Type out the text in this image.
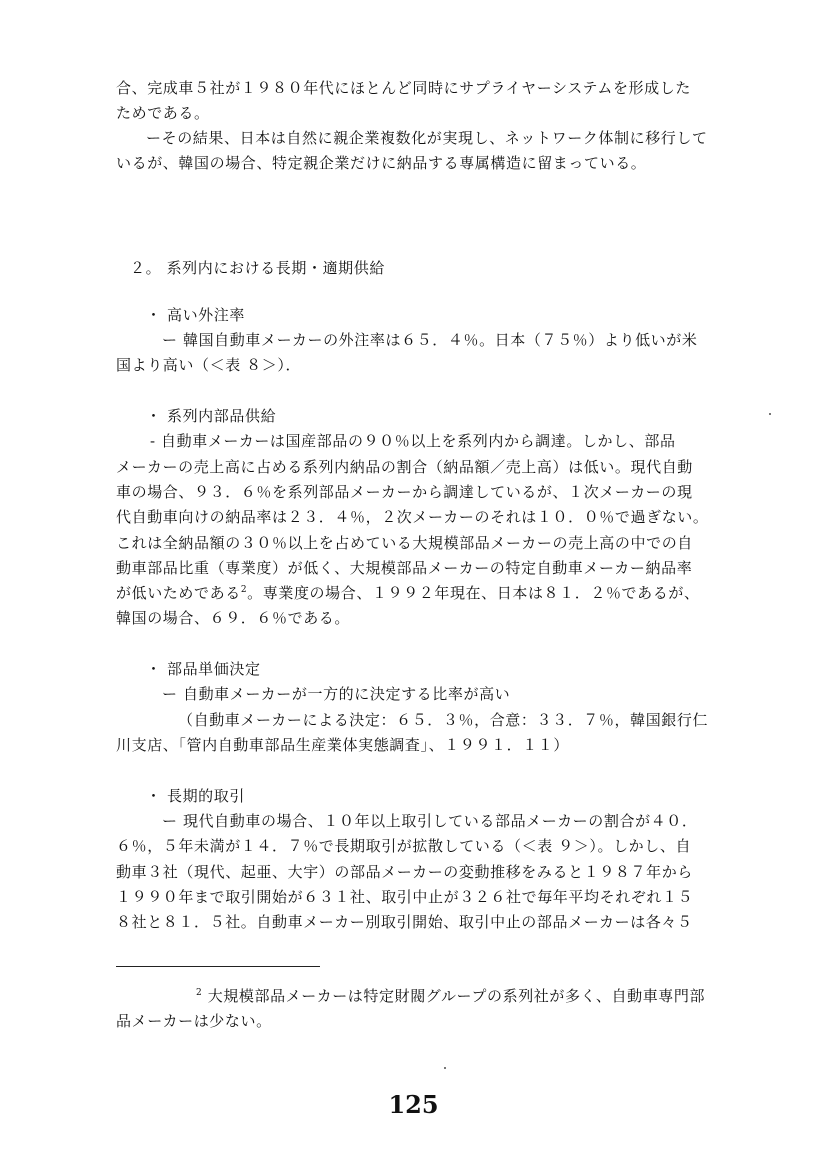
合、完成車５社が１９８０年代にほとんど同時にサプライヤーシステムを形成した
ためである。
ーその結果、日本は自然に親企業複数化が実現し、ネットワーク体制に移行して
いるが、韓国の場合、特定親企業だけに納品する専属構造に留まっている。
２。 系列内における長期・適期供給
・ 高い外注率
ー 韓国自動車メーカーの外注率は６５．４％。日本（７５％）より低いが米
国より高い（＜表 ８＞）．
・ 系列内部品供給
- 自動車メーカーは国産部品の９０％以上を系列内から調達。しかし、部品
メーカーの売上高に占める系列内納品の割合（納品額／売上高）は低い。現代自動
車の場合、９３．６％を系列部品メーカーから調達しているが、１次メーカーの現
代自動車向けの納品率は２３．４％，２次メーカーのそれは１０．０％で過ぎない。
これは全納品額の３０％以上を占めている大規模部品メーカーの売上高の中での自
動車部品比重（専業度）が低く、大規模部品メーカーの特定自動車メーカー納品率
が低いためである$^2$。専業度の場合、１９９２年現在、日本は８１．２％であるが、
韓国の場合、６９．６％である。
・ 部品単価決定
ー 自動車メーカーが一方的に決定する比率が高い
（自動車メーカーによる決定：６５．３％，合意：３３．７％，韓国銀行仁
川支店、「管内自動車部品生産業体実態調査」、１９９１．１１）
・ 長期的取引
ー 現代自動車の場合、１０年以上取引している部品メーカーの割合が４０．
６％，５年未満が１４．７％で長期取引が拡散している（＜表 ９＞）。しかし、自
動車３社（現代、起亜、大宇）の部品メーカーの変動推移をみると１９８７年から
１９９０年まで取引開始が６３１社、取引中止が３２６社で毎年平均それぞれ１５
８社と８１．５社。自動車メーカー別取引開始、取引中止の部品メーカーは各々５
$^2$ 大規模部品メーカーは特定財閥グループの系列社が多く、自動車専門部
品メーカーは少ない。
125
